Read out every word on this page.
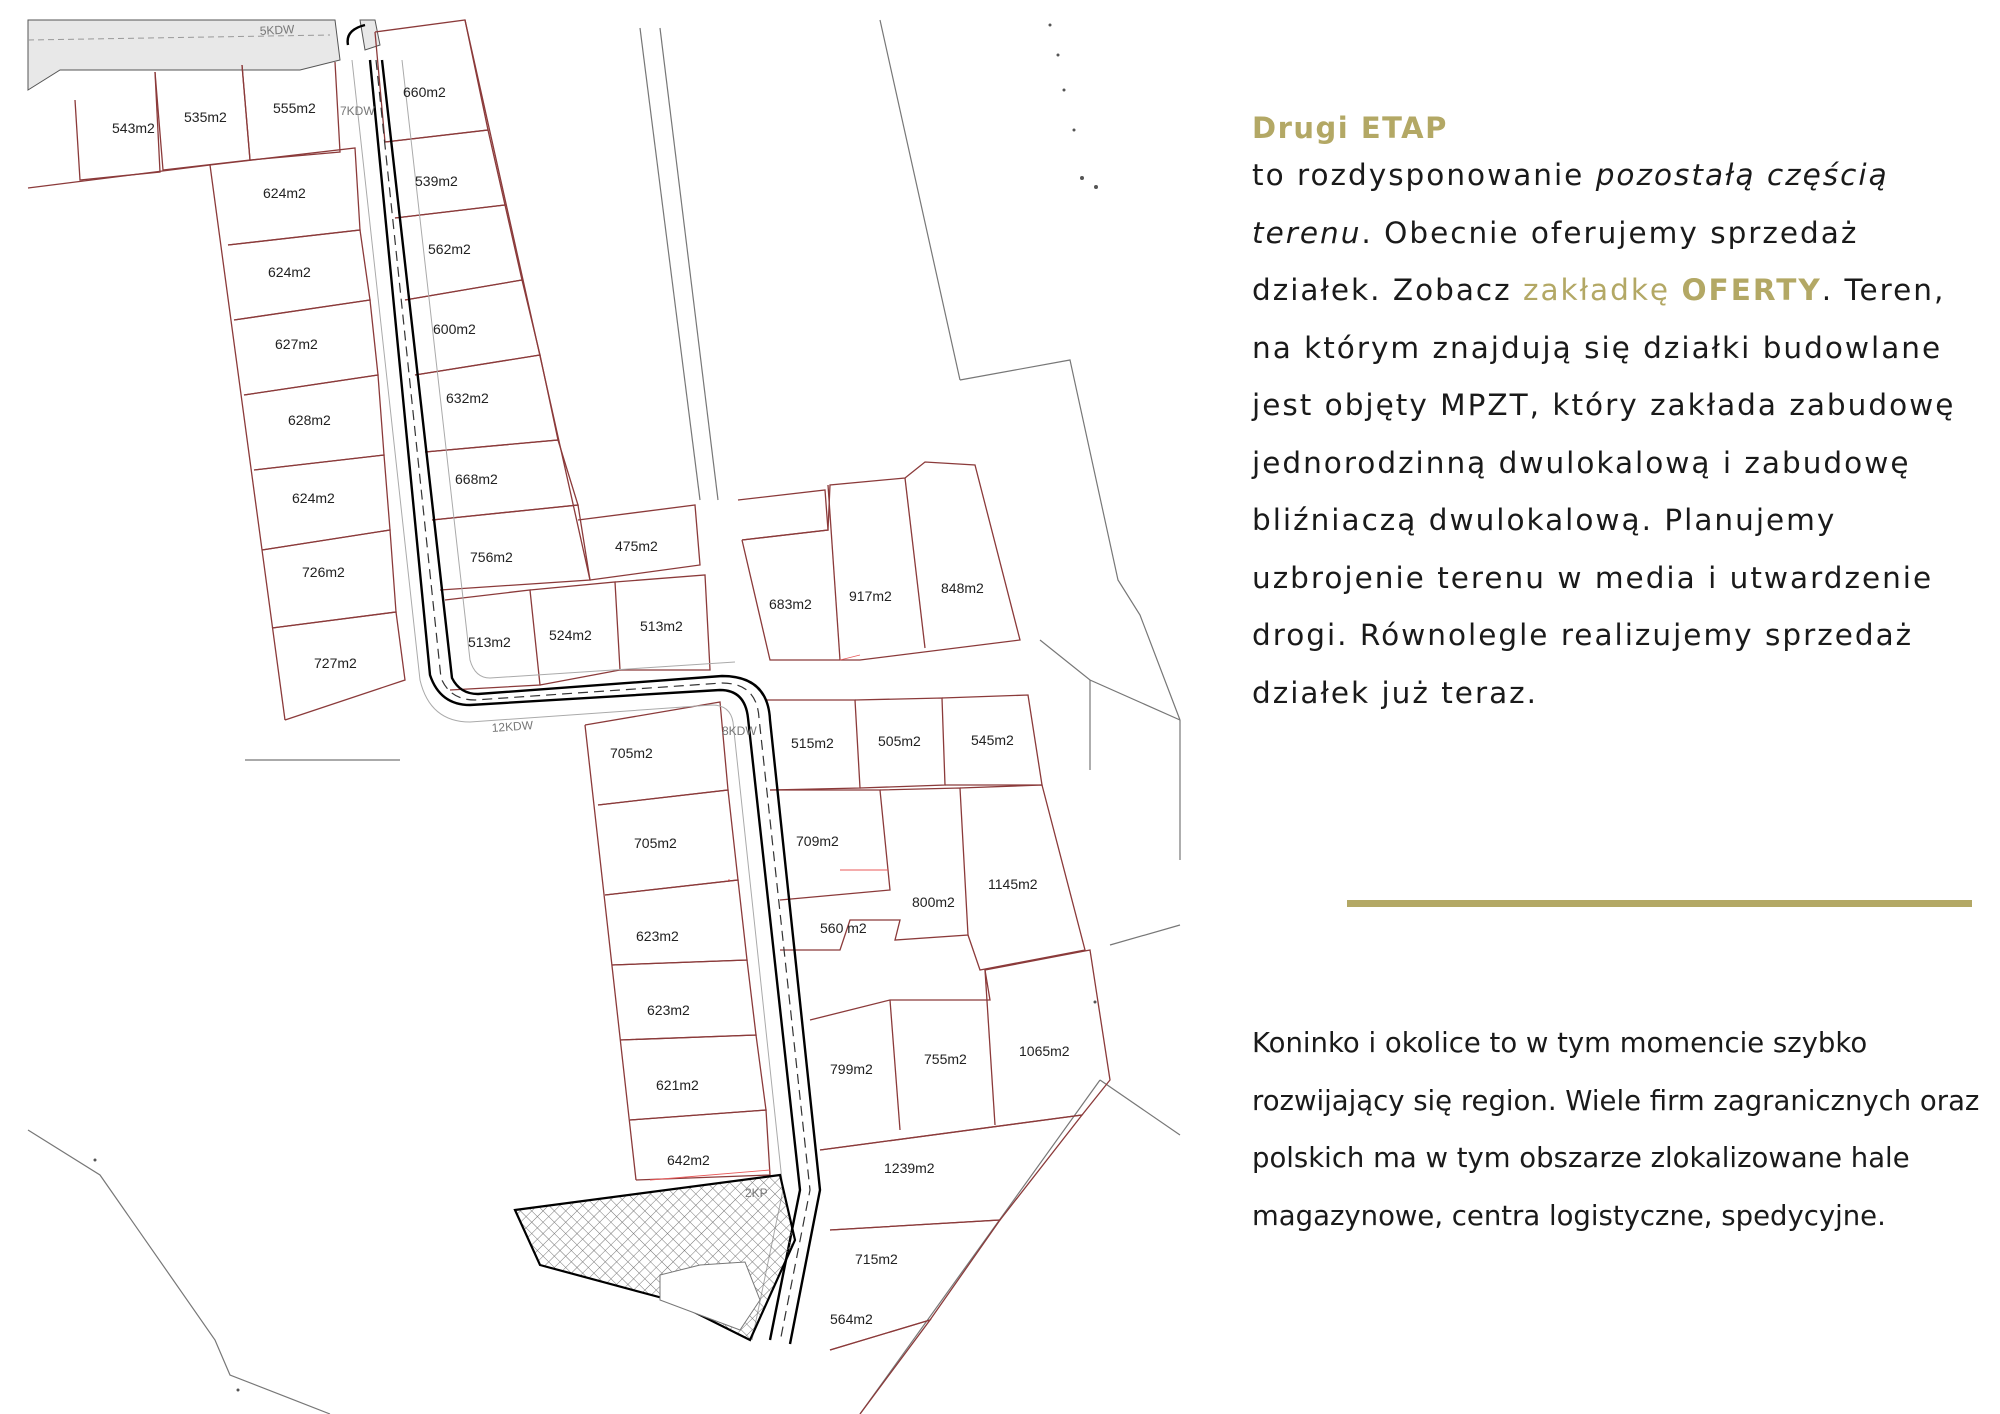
5KDW
7KDW
12KDW	8KDW
2KP
543m2
535m2
555m2
624m2
624m2
627m2
628m2
624m2
726m2
727m2
660m2
539m2
562m2
600m2
632m2
668m2
756m2
475m2
513m2	524m2
513m2
683m2	917m2	848m2
705m2
705m2
623m2
623m2
621m2
642m2
515m2	505m2	545m2
709m2
560 m2
800m2
1145m2
799m2
755m2	1065m2
1239m2
715m2
564m2

Drugi ETAP

to rozdysponowanie pozostałą częścią terenu. Obecnie oferujemy sprzedaż działek. Zobacz zakładkę OFERTY. Teren, na którym znajdują się działki budowlane jest objęty MPZT, który zakłada zabudowę jednorodzinną dwulokalową i zabudowę bliźniaczą dwulokalową. Planujemy uzbrojenie terenu w media i utwardzenie drogi. Równolegle realizujemy sprzedaż działek już teraz.

Koninko i okolice to w tym momencie szybko rozwijający się region. Wiele firm zagranicznych oraz polskich ma w tym obszarze zlokalizowane hale magazynowe, centra logistyczne, spedycyjne.
